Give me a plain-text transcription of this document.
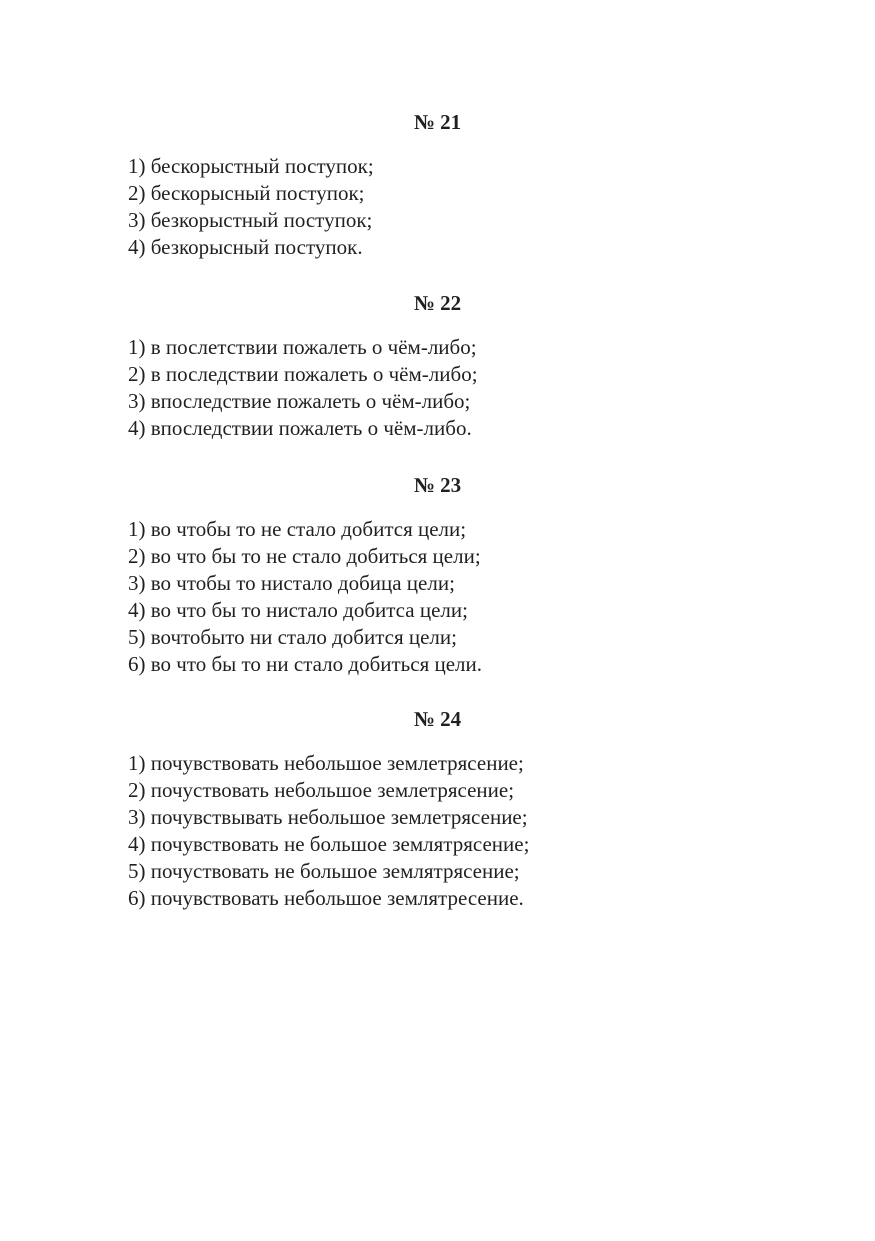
№ 21
1) бескорыстный поступок;
2) бескорысный поступок;
3) безкорыстный поступок;
4) безкорысный поступок.
№ 22
1) в послетствии пожалеть о чём-либо;
2) в последствии пожалеть о чём-либо;
3) впоследствие пожалеть о чём-либо;
4) впоследствии пожалеть о чём-либо.
№ 23
1) во чтобы то не стало добится цели;
2) во что бы то не стало добиться цели;
3) во чтобы то нистало добица цели;
4) во что бы то нистало добитса цели;
5) вочтобыто ни стало добится цели;
6) во что бы то ни стало добиться цели.
№ 24
1) почувствовать небольшое землетрясение;
2) почуствовать небольшое землетрясение;
3) почувствывать небольшое землетрясение;
4) почувствовать не большое землятрясение;
5) почуствовать не большое землятрясение;
6) почувствовать небольшое землятресение.
